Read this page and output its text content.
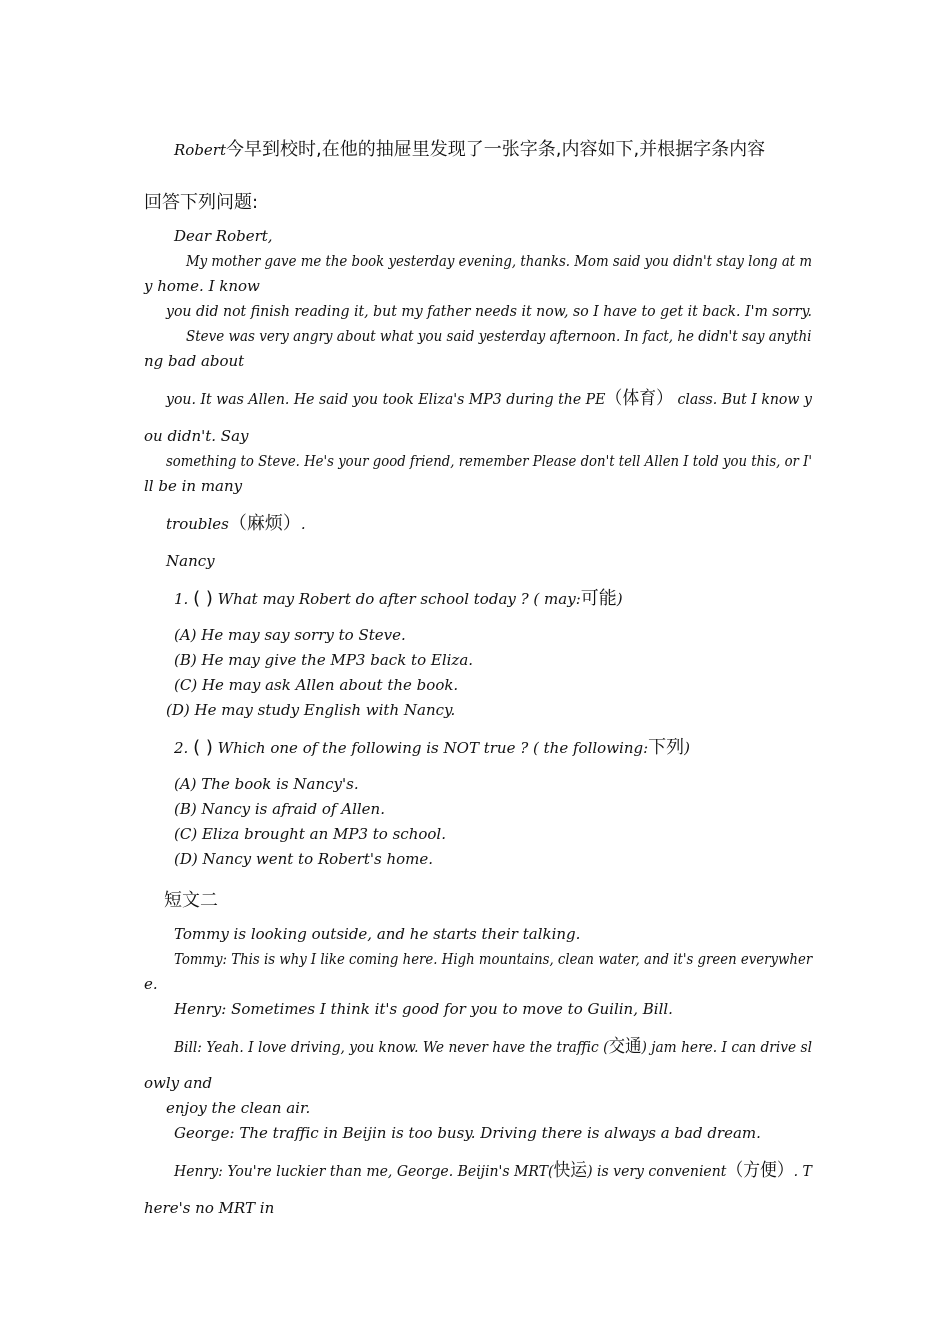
Robert今早到校时,在他的抽屉里发现了一张字条,内容如下,并根据字条内容
回答下列问题:
Dear Robert,
My mother gave me the book yesterday evening, thanks. Mom said you didn't stay long at m
y home. I know
you did not finish reading it, but my father needs it now, so I have to get it back. I'm sorry.
Steve was very angry about what you said yesterday afternoon. In fact, he didn't say anythi
ng bad about
you. It was Allen. He said you took Eliza's MP3 during the PE（体育） class. But I know y
ou didn't. Say
something to Steve. He's your good friend, remember Please don't tell Allen I told you this, or I'
ll be in many
troubles（麻烦）.
Nancy
1. ( ) What may Robert do after school today ? ( may:可能)
(A) He may say sorry to Steve.
(B) He may give the MP3 back to Eliza.
(C) He may ask Allen about the book.
(D) He may study English with Nancy.
2. ( ) Which one of the following is NOT true ? ( the following:下列)
(A) The book is Nancy's.
(B) Nancy is afraid of Allen.
(C) Eliza brought an MP3 to school.
(D) Nancy went to Robert's home.
短文二
Tommy is looking outside, and he starts their talking.
Tommy: This is why I like coming here. High mountains, clean water, and it's green everywher
e.
Henry: Sometimes I think it's good for you to move to Guilin, Bill.
Bill: Yeah. I love driving, you know. We never have the traffic (交通) jam here. I can drive sl
owly and
enjoy the clean air.
George: The traffic in Beijin is too busy. Driving there is always a bad dream.
Henry: You're luckier than me, George. Beijin's MRT(快运) is very convenient（方便）. T
here's no MRT in
